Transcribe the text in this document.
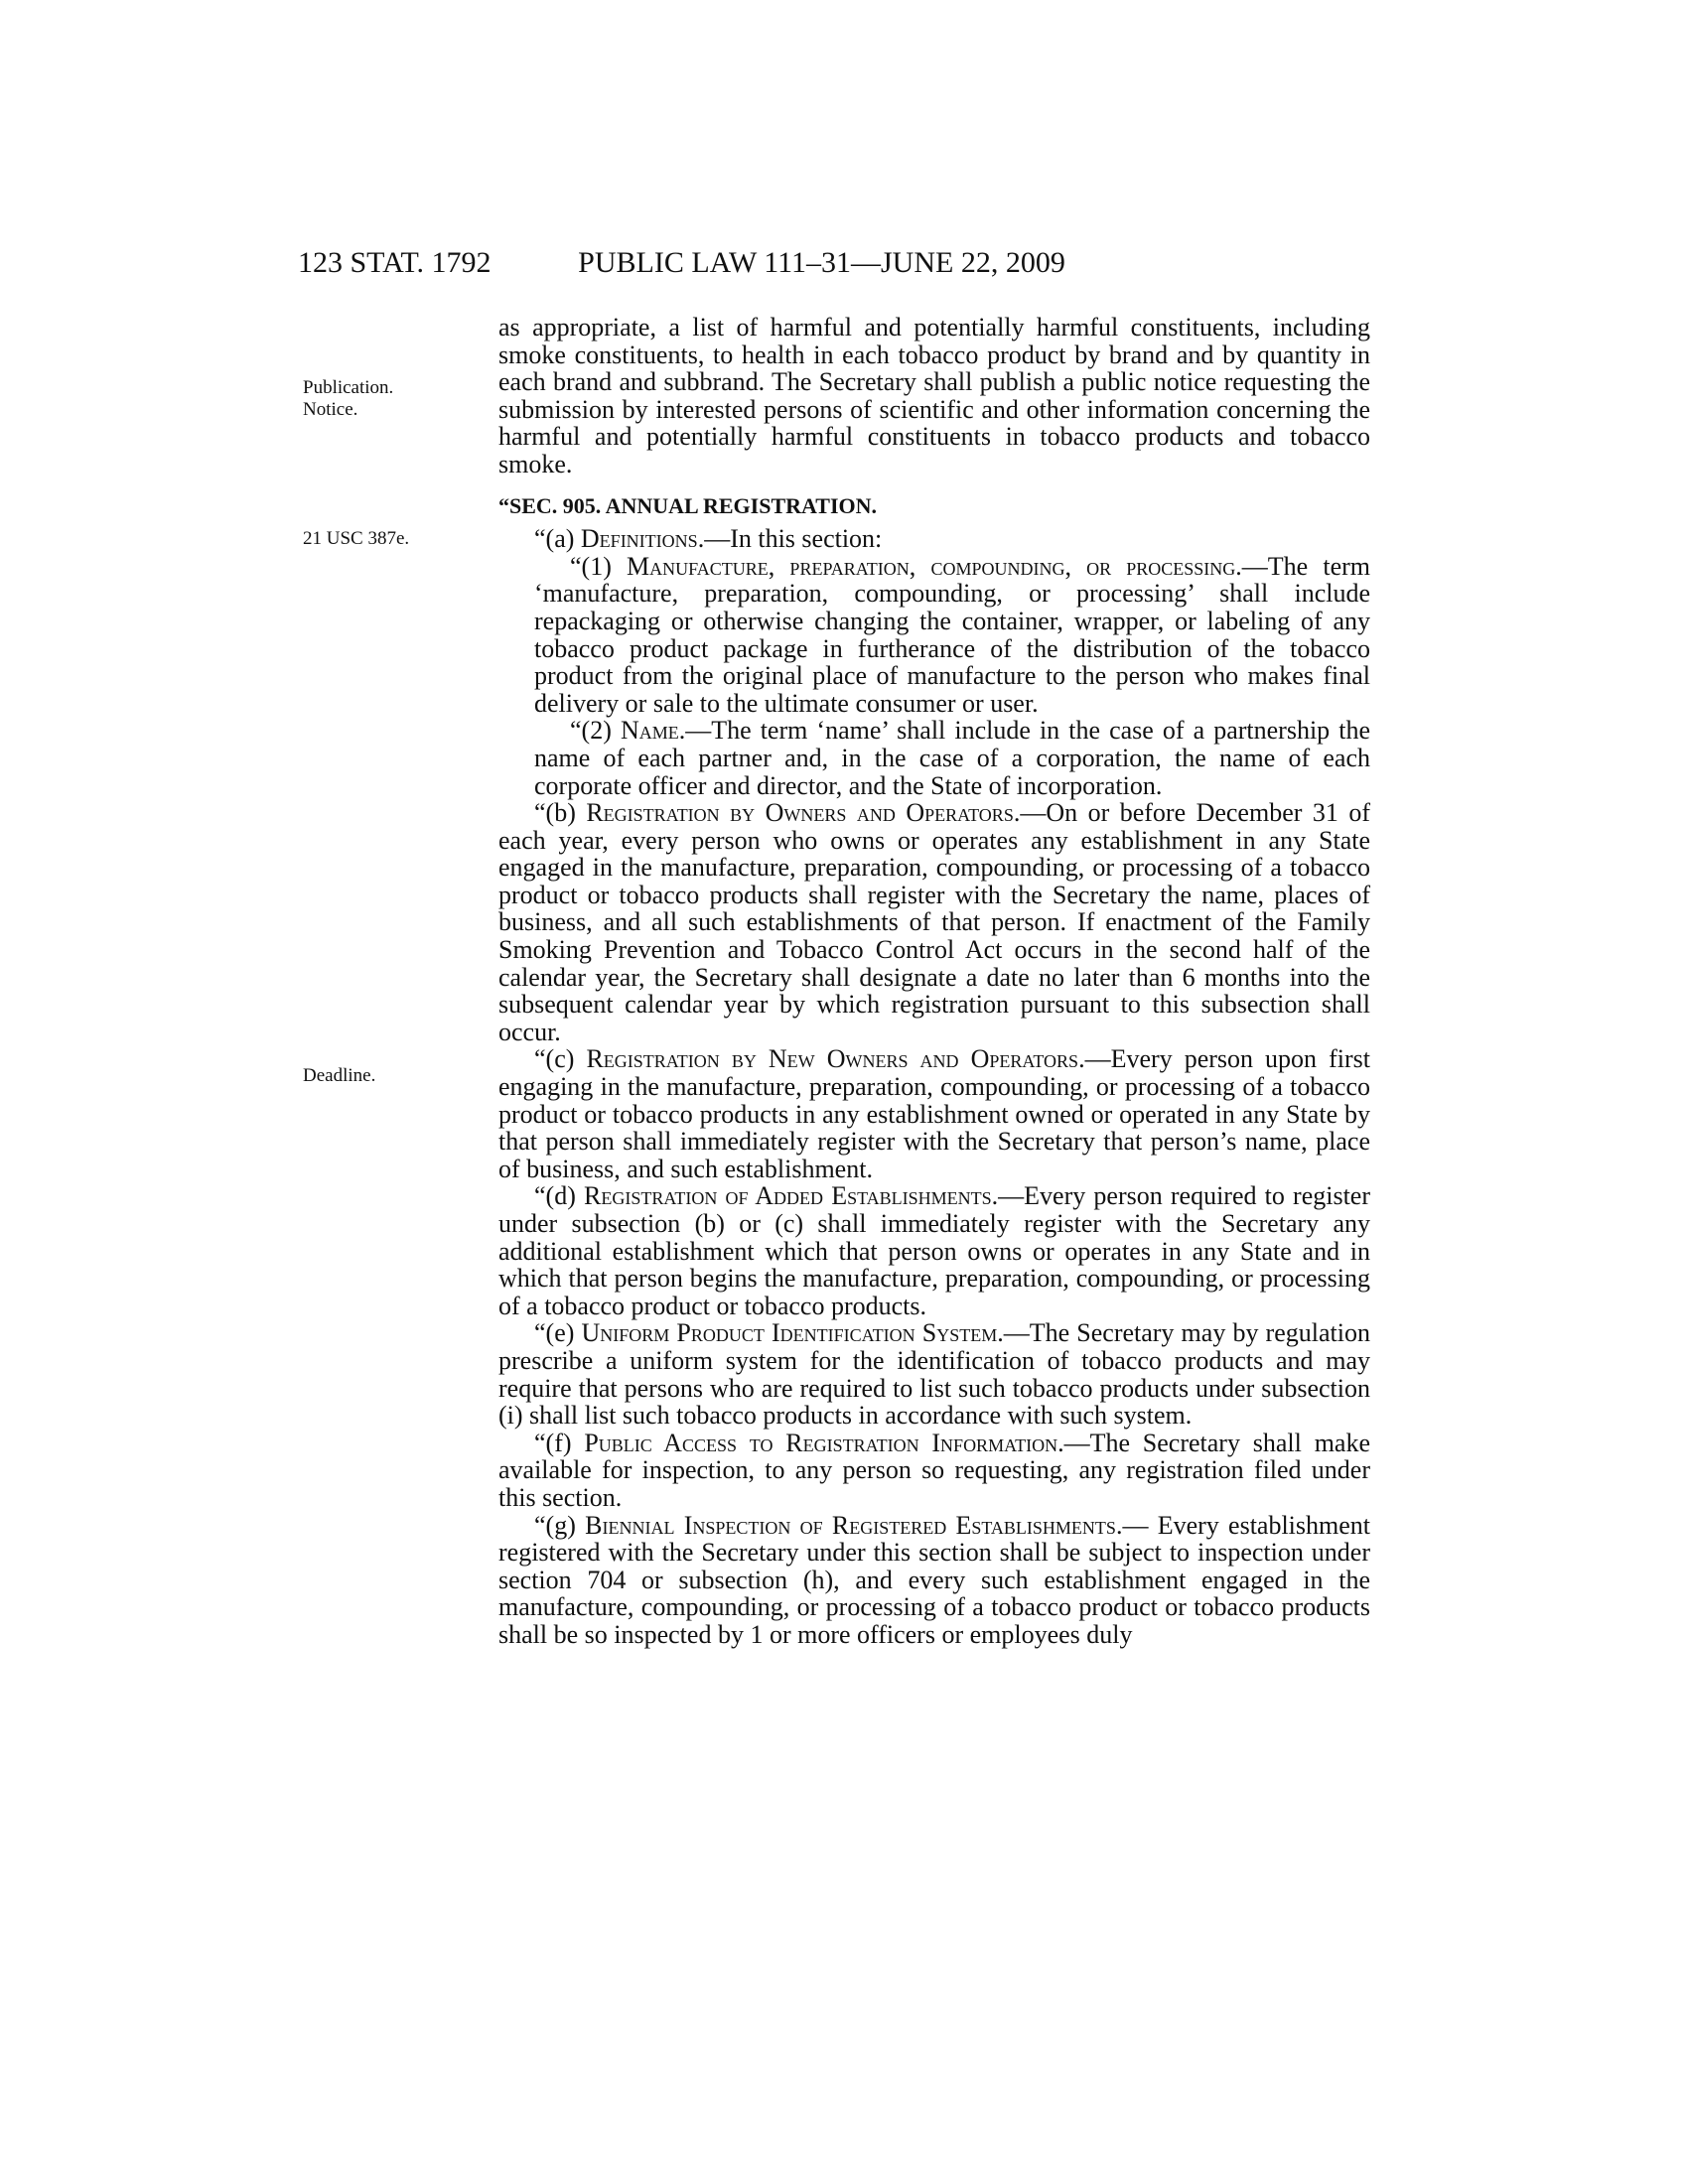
123 STAT. 1792	PUBLIC LAW 111–31—JUNE 22, 2009
Publication.
Notice.
21 USC 387e.
Deadline.

as appropriate, a list of harmful and potentially harmful constituents, including smoke constituents, to health in each tobacco product by brand and by quantity in each brand and subbrand. The Secretary shall publish a public notice requesting the submission by interested persons of scientific and other information concerning the harmful and potentially harmful constituents in tobacco products and tobacco smoke.

“SEC. 905. ANNUAL REGISTRATION.

“(a) Definitions.—In this section:

“(1) Manufacture, preparation, compounding, or processing.—The term ‘manufacture, preparation, compounding, or processing’ shall include repackaging or otherwise changing the container, wrapper, or labeling of any tobacco product package in furtherance of the distribution of the tobacco product from the original place of manufacture to the person who makes final delivery or sale to the ultimate consumer or user.

“(2) Name.—The term ‘name’ shall include in the case of a partnership the name of each partner and, in the case of a corporation, the name of each corporate officer and director, and the State of incorporation.

“(b) Registration by Owners and Operators.—On or before December 31 of each year, every person who owns or operates any establishment in any State engaged in the manufacture, preparation, compounding, or processing of a tobacco product or tobacco products shall register with the Secretary the name, places of business, and all such establishments of that person. If enactment of the Family Smoking Prevention and Tobacco Control Act occurs in the second half of the calendar year, the Secretary shall designate a date no later than 6 months into the subsequent calendar year by which registration pursuant to this subsection shall occur.

“(c) Registration by New Owners and Operators.—Every person upon first engaging in the manufacture, preparation, compounding, or processing of a tobacco product or tobacco products in any establishment owned or operated in any State by that person shall immediately register with the Secretary that person’s name, place of business, and such establishment.

“(d) Registration of Added Establishments.—Every person required to register under subsection (b) or (c) shall immediately register with the Secretary any additional establishment which that person owns or operates in any State and in which that person begins the manufacture, preparation, compounding, or processing of a tobacco product or tobacco products.

“(e) Uniform Product Identification System.—The Secretary may by regulation prescribe a uniform system for the identification of tobacco products and may require that persons who are required to list such tobacco products under subsection (i) shall list such tobacco products in accordance with such system.

“(f) Public Access to Registration Information.—The Secretary shall make available for inspection, to any person so requesting, any registration filed under this section.

“(g) Biennial Inspection of Registered Establishments.— Every establishment registered with the Secretary under this section shall be subject to inspection under section 704 or subsection (h), and every such establishment engaged in the manufacture, compounding, or processing of a tobacco product or tobacco products shall be so inspected by 1 or more officers or employees duly
